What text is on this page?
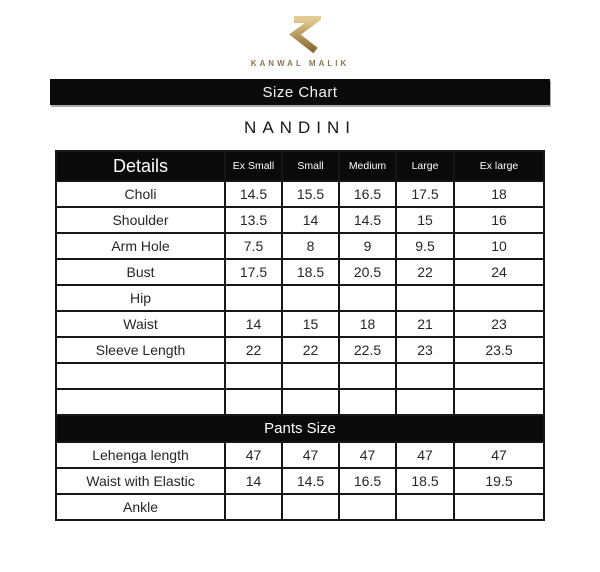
KANWAL MALIK
Size Chart
NANDINI
Details	Ex Small	Small	Medium	Large	Ex large
Choli	14.5	15.5	16.5	17.5	18
Shoulder	13.5	14	14.5	15	16
Arm Hole	7.5	8	9	9.5	10
Bust	17.5	18.5	20.5	22	24
Hip					
Waist	14	15	18	21	23
Sleeve Length	22	22	22.5	23	23.5

Pants Size					
Lehenga length	47	47	47	47	47
Waist with Elastic	14	14.5	16.5	18.5	19.5
Ankle					
